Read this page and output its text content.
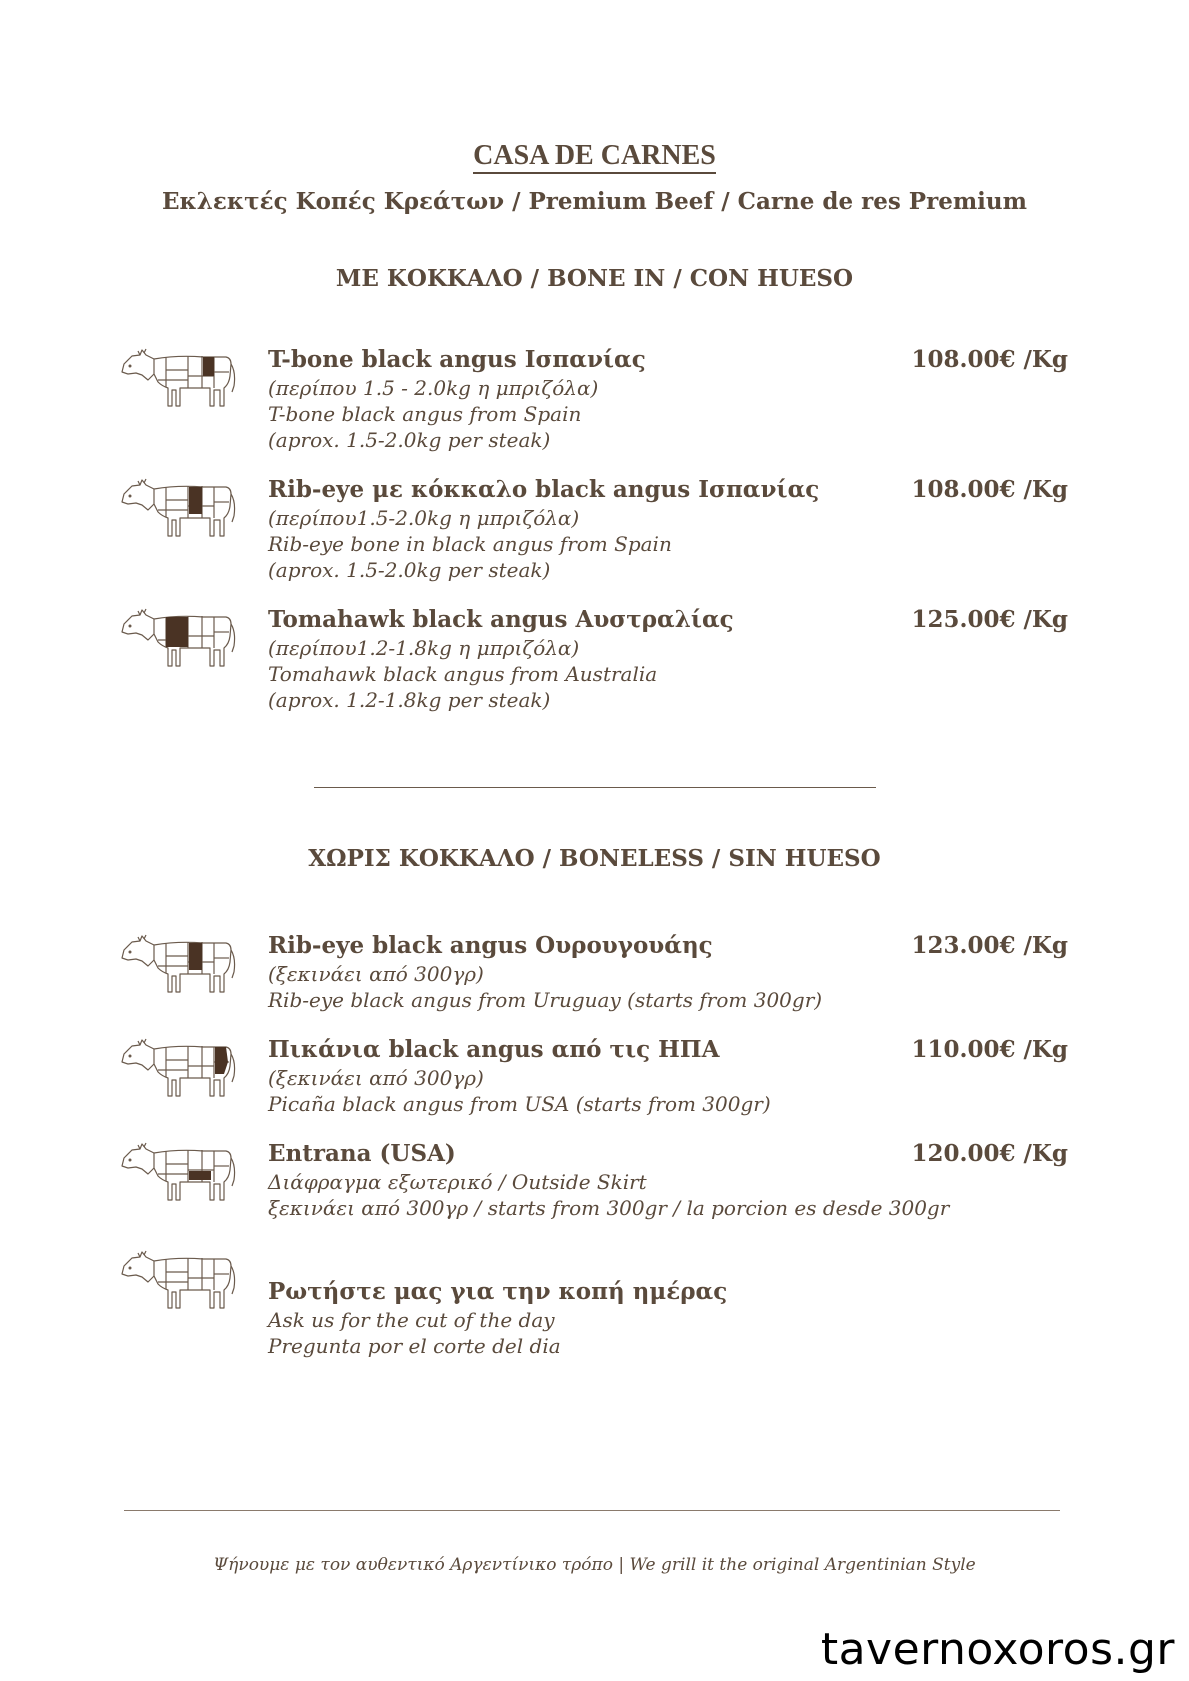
CASA DE CARNES
Εκλεκτές Κοπές Κρεάτων / Premium Beef / Carne de res Premium
ΜΕ ΚΟΚΚΑΛΟ / BONE IN / CON HUESO
T-bone black angus Ισπανίας	108.00€ /Kg
(περίπου 1.5 - 2.0kg η μπριζόλα)
T-bone black angus from Spain
(aprox. 1.5-2.0kg per steak)
Rib-eye με κόκκαλο black angus Ισπανίας	108.00€ /Kg
(περίπου1.5-2.0kg η μπριζόλα)
Rib-eye bone in black angus from Spain
(aprox. 1.5-2.0kg per steak)
Tomahawk black angus Αυστραλίας	125.00€ /Kg
(περίπου1.2-1.8kg η μπριζόλα)
Tomahawk black angus from Australia
(aprox. 1.2-1.8kg per steak)
ΧΩΡΙΣ ΚΟΚΚΑΛΟ / BONELESS / SIN HUESO
Rib-eye black angus Ουρουγουάης	123.00€ /Kg
(ξεκινάει από 300γρ)
Rib-eye black angus from Uruguay (starts from 300gr)
Πικάνια black angus από τις ΗΠΑ	110.00€ /Kg
(ξεκινάει από 300γρ)
Picaña black angus from USA (starts from 300gr)
Entrana (USA)	120.00€ /Kg
Διάφραγμα εξωτερικό / Outside Skirt
ξεκινάει από 300γρ / starts from 300gr / la porcion es desde 300gr
Ρωτήστε μας για την κοπή ημέρας
Ask us for the cut of the day
Pregunta por el corte del dia
Ψήνουμε με τον αυθεντικό Αργεντίνικο τρόπο | We grill it the original Argentinian Style
tavernoxoros.gr
